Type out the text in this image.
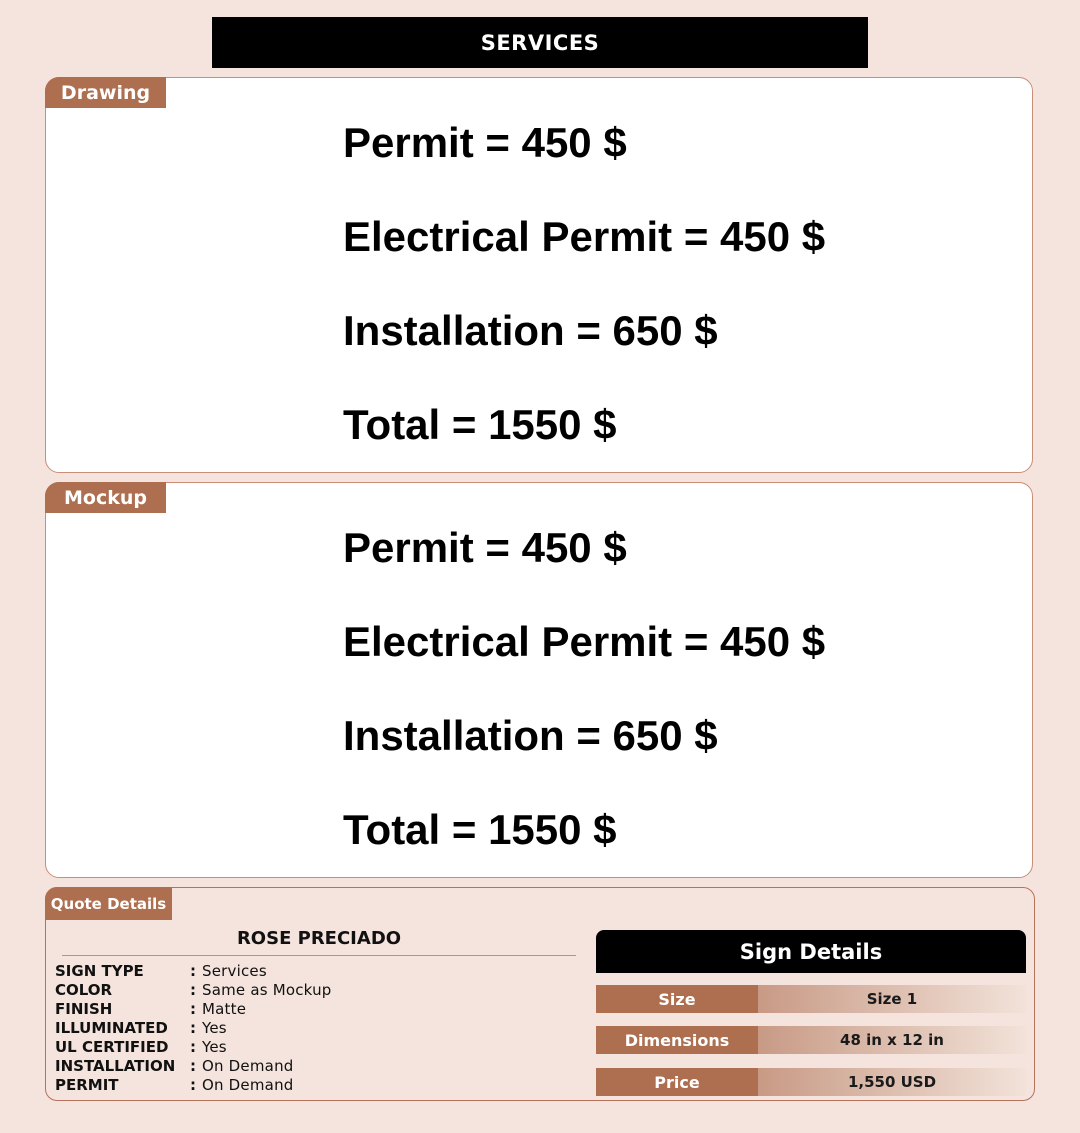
SERVICES
Drawing
Permit = 450 $
Electrical Permit = 450 $
Installation = 650 $
Total = 1550 $
Mockup
Permit = 450 $
Electrical Permit = 450 $
Installation = 650 $
Total = 1550 $
Quote Details
ROSE PRECIADO
SIGN TYPE	: Services
COLOR	: Same as Mockup
FINISH	: Matte
ILLUMINATED	: Yes
UL CERTIFIED	: Yes
INSTALLATION : On Demand
PERMIT	: On Demand
Sign Details
Size	Size 1
Dimensions	48 in x 12 in
Price	1,550 USD
